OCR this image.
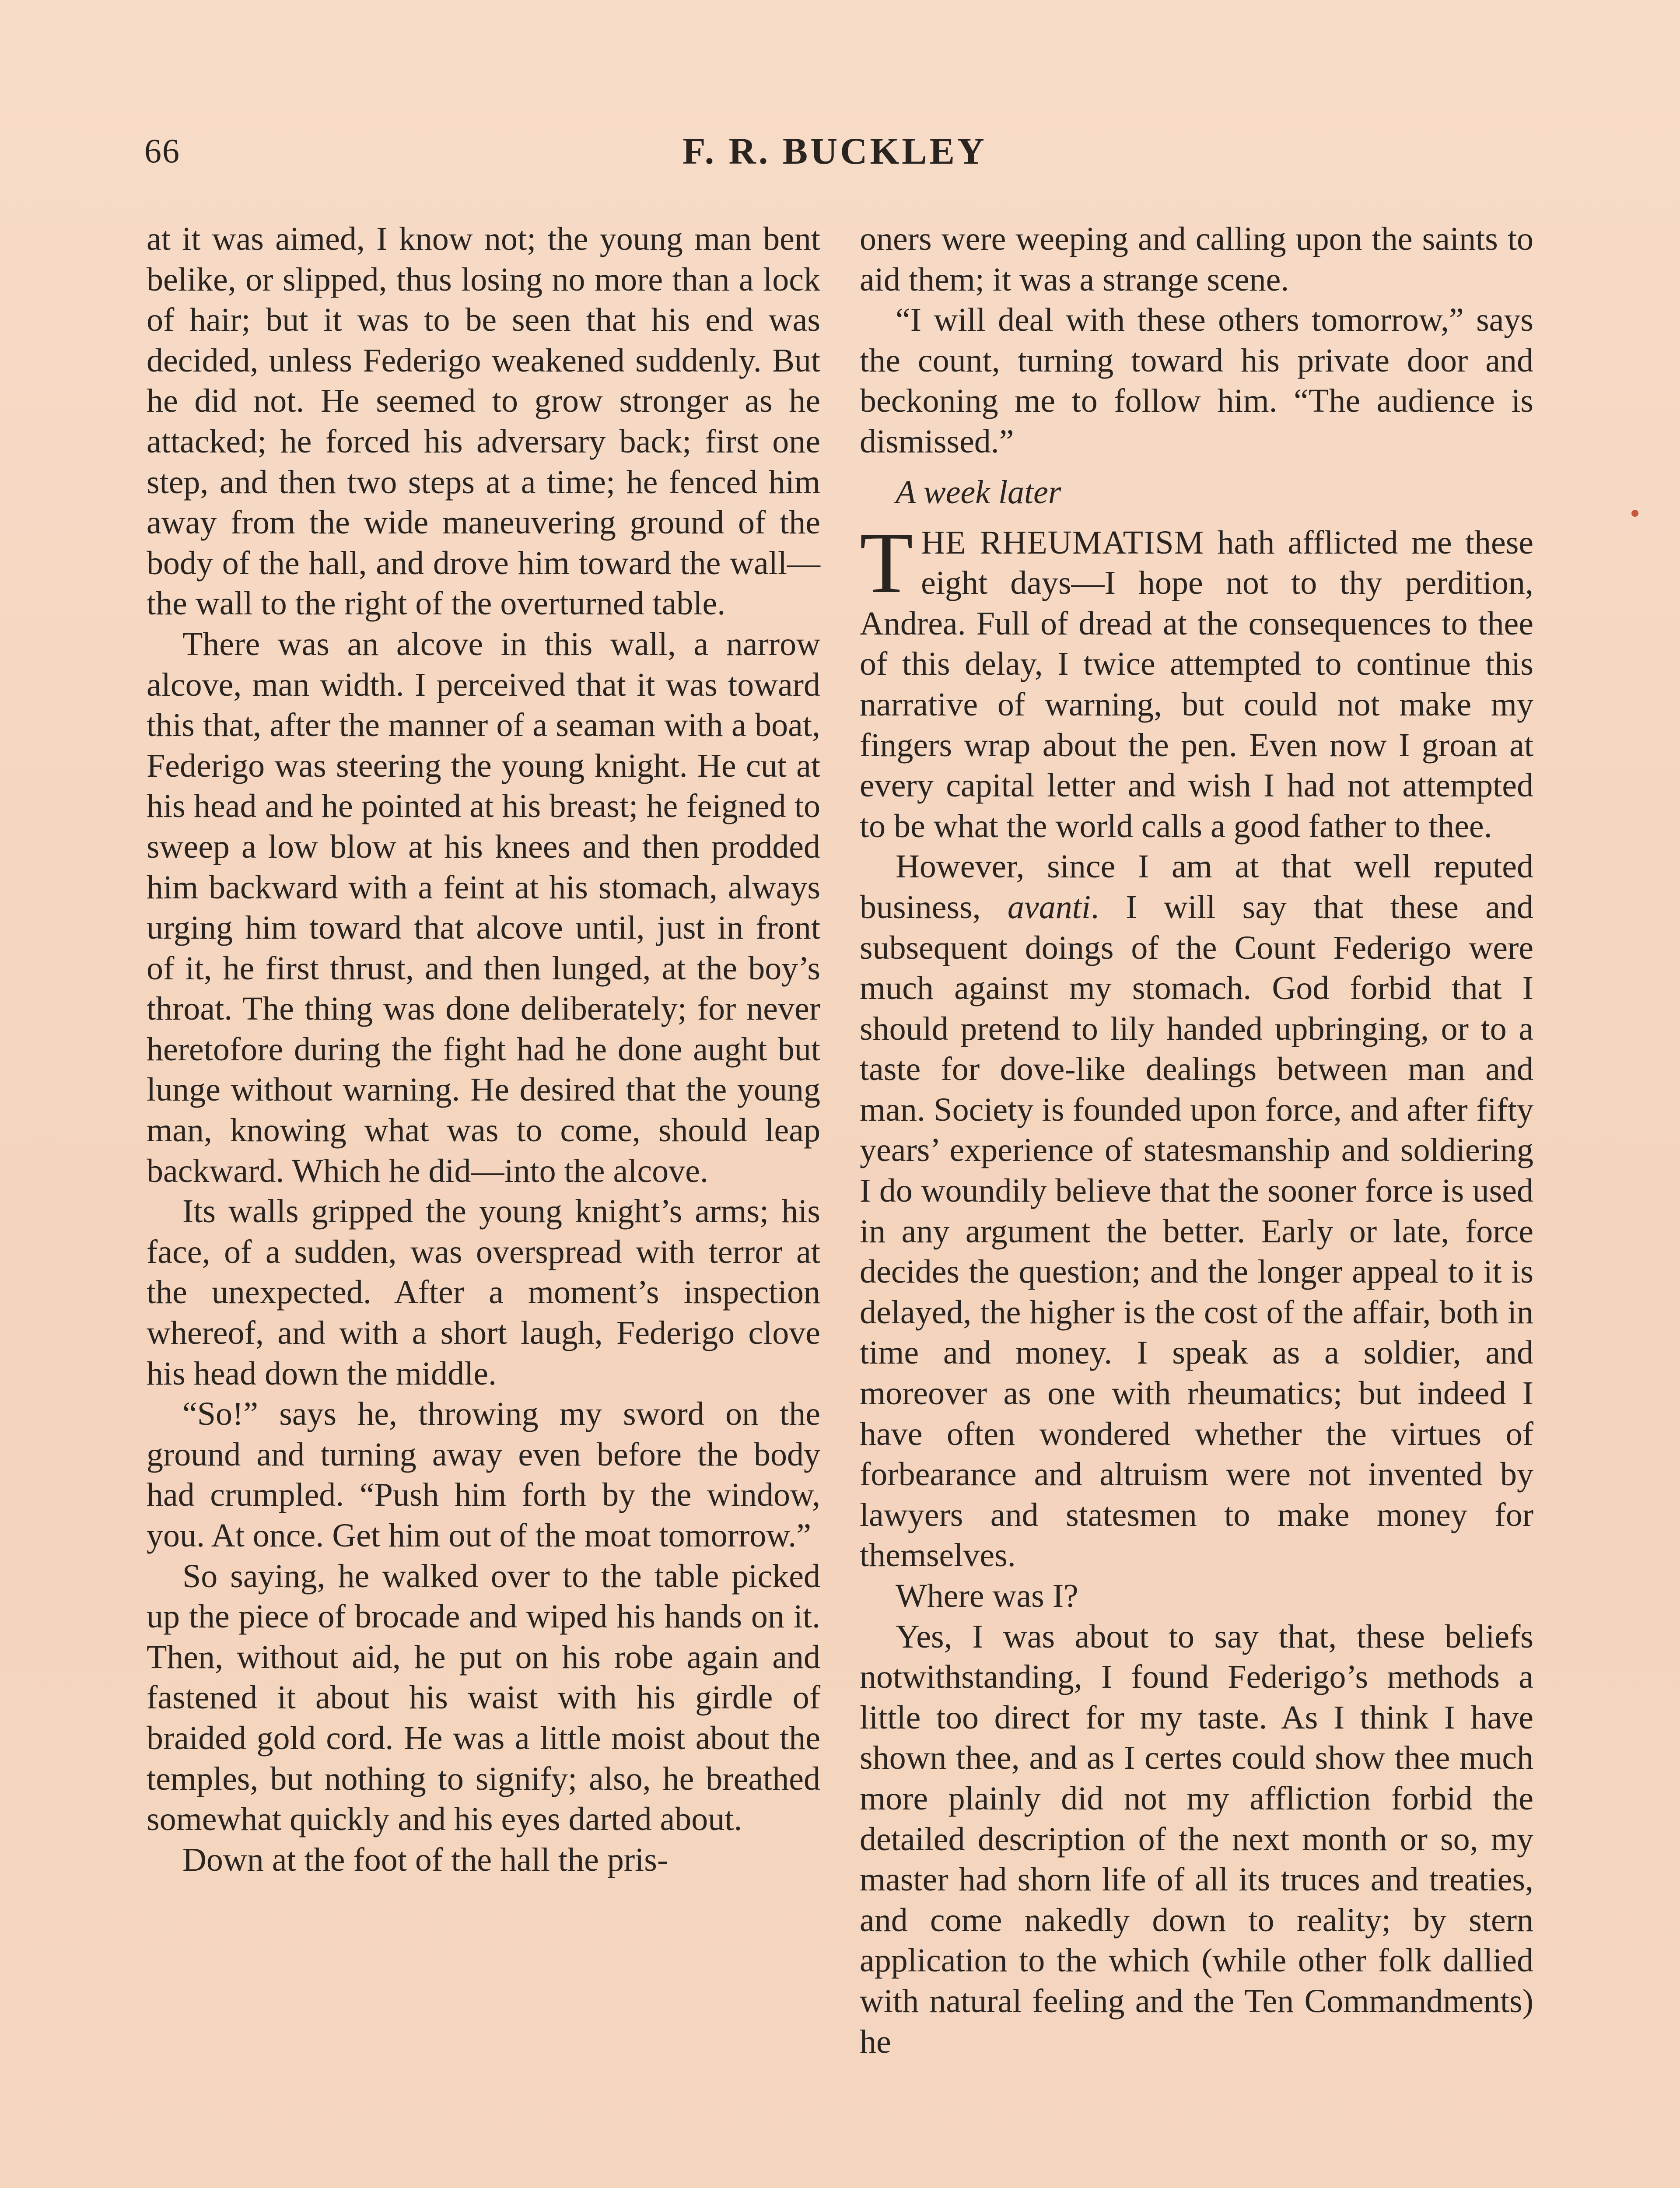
66	F. R. BUCKLEY

at it was aimed, I know not; the young man bent belike, or slipped, thus losing no more than a lock of hair; but it was to be seen that his end was decided, unless Federigo weakened suddenly. But he did not. He seemed to grow stronger as he attacked; he forced his adversary back; first one step, and then two steps at a time; he fenced him away from the wide maneuvering ground of the body of the hall, and drove him toward the wall—the wall to the right of the overturned table.

There was an alcove in this wall, a narrow alcove, man width. I perceived that it was toward this that, after the manner of a seaman with a boat, Federigo was steering the young knight. He cut at his head and he pointed at his breast; he feigned to sweep a low blow at his knees and then prodded him backward with a feint at his stomach, always urging him toward that alcove until, just in front of it, he first thrust, and then lunged, at the boy’s throat. The thing was done deliberately; for never heretofore during the fight had he done aught but lunge without warning. He desired that the young man, knowing what was to come, should leap backward. Which he did—into the alcove.

Its walls gripped the young knight’s arms; his face, of a sudden, was overspread with terror at the unexpected. After a moment’s inspection whereof, and with a short laugh, Federigo clove his head down the middle.

“So!” says he, throwing my sword on the ground and turning away even before the body had crumpled. “Push him forth by the window, you. At once. Get him out of the moat tomorrow.”

So saying, he walked over to the table picked up the piece of brocade and wiped his hands on it. Then, without aid, he put on his robe again and fastened it about his waist with his girdle of braided gold cord. He was a little moist about the temples, but nothing to signify; also, he breathed somewhat quickly and his eyes darted about.

Down at the foot of the hall the pris-

oners were weeping and calling upon the saints to aid them; it was a strange scene.

“I will deal with these others tomorrow,” says the count, turning toward his private door and beckoning me to follow him. “The audience is dismissed.”

A week later

THE RHEUMATISM hath afflicted me these eight days—I hope not to thy perdition, Andrea. Full of dread at the consequences to thee of this delay, I twice attempted to continue this narrative of warning, but could not make my fingers wrap about the pen. Even now I groan at every capital letter and wish I had not attempted to be what the world calls a good father to thee.

However, since I am at that well reputed business, avanti. I will say that these and subsequent doings of the Count Federigo were much against my stomach. God forbid that I should pretend to lily handed upbringing, or to a taste for dove-like dealings between man and man. Society is founded upon force, and after fifty years’ experience of statesmanship and soldiering I do woundily believe that the sooner force is used in any argument the better. Early or late, force decides the question; and the longer appeal to it is delayed, the higher is the cost of the affair, both in time and money. I speak as a soldier, and moreover as one with rheumatics; but indeed I have often wondered whether the virtues of forbearance and altruism were not invented by lawyers and statesmen to make money for themselves.

Where was I?

Yes, I was about to say that, these beliefs notwithstanding, I found Federigo’s methods a little too direct for my taste. As I think I have shown thee, and as I certes could show thee much more plainly did not my affliction forbid the detailed description of the next month or so, my master had shorn life of all its truces and treaties, and come nakedly down to reality; by stern application to the which (while other folk dallied with natural feeling and the Ten Commandments) he
